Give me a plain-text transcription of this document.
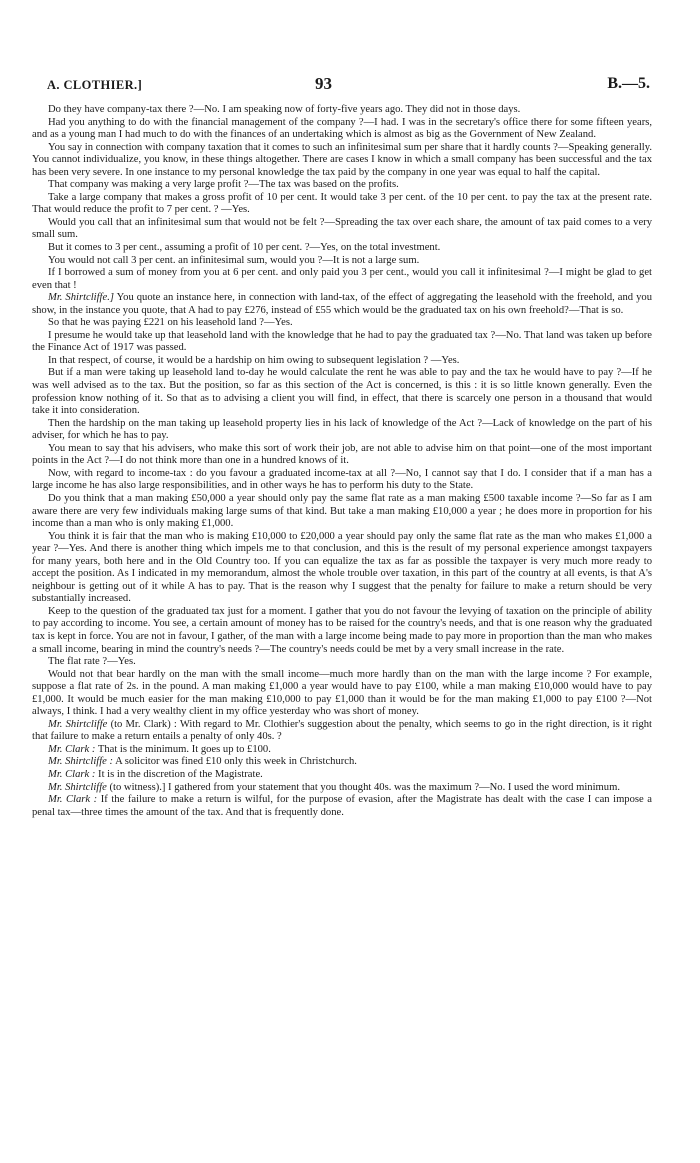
A. CLOTHIER.]	93	B.—5.

Do they have company-tax there ?—No. I am speaking now of forty-five years ago. They did not in those days.

Had you anything to do with the financial management of the company ?—I had. I was in the secretary's office there for some fifteen years, and as a young man I had much to do with the finances of an undertaking which is almost as big as the Government of New Zealand.

You say in connection with company taxation that it comes to such an infinitesimal sum per share that it hardly counts ?—Speaking generally. You cannot individualize, you know, in these things altogether. There are cases I know in which a small company has been successful and the tax has been very severe. In one instance to my personal knowledge the tax paid by the company in one year was equal to half the capital.

That company was making a very large profit ?—The tax was based on the profits.

Take a large company that makes a gross profit of 10 per cent. It would take 3 per cent. of the 10 per cent. to pay the tax at the present rate. That would reduce the profit to 7 per cent. ? —Yes.

Would you call that an infinitesimal sum that would not be felt ?—Spreading the tax over each share, the amount of tax paid comes to a very small sum.

But it comes to 3 per cent., assuming a profit of 10 per cent. ?—Yes, on the total investment.

You would not call 3 per cent. an infinitesimal sum, would you ?—It is not a large sum.

If I borrowed a sum of money from you at 6 per cent. and only paid you 3 per cent., would you call it infinitesimal ?—I might be glad to get even that !

Mr. Shirtcliffe.] You quote an instance here, in connection with land-tax, of the effect of aggregating the leasehold with the freehold, and you show, in the instance you quote, that A had to pay £276, instead of £55 which would be the graduated tax on his own freehold?—That is so.

So that he was paying £221 on his leasehold land ?—Yes.

I presume he would take up that leasehold land with the knowledge that he had to pay the graduated tax ?—No. That land was taken up before the Finance Act of 1917 was passed.

In that respect, of course, it would be a hardship on him owing to subsequent legislation ? —Yes.

But if a man were taking up leasehold land to-day he would calculate the rent he was able to pay and the tax he would have to pay ?—If he was well advised as to the tax. But the position, so far as this section of the Act is concerned, is this : it is so little known generally. Even the profession know nothing of it. So that as to advising a client you will find, in effect, that there is scarcely one person in a thousand that would take it into consideration.

Then the hardship on the man taking up leasehold property lies in his lack of knowledge of the Act ?—Lack of knowledge on the part of his adviser, for which he has to pay.

You mean to say that his advisers, who make this sort of work their job, are not able to advise him on that point—one of the most important points in the Act ?—I do not think more than one in a hundred knows of it.

Now, with regard to income-tax : do you favour a graduated income-tax at all ?—No, I cannot say that I do. I consider that if a man has a large income he has also large responsibilities, and in other ways he has to perform his duty to the State.

Do you think that a man making £50,000 a year should only pay the same flat rate as a man making £500 taxable income ?—So far as I am aware there are very few individuals making large sums of that kind. But take a man making £10,000 a year ; he does more in proportion for his income than a man who is only making £1,000.

You think it is fair that the man who is making £10,000 to £20,000 a year should pay only the same flat rate as the man who makes £1,000 a year ?—Yes. And there is another thing which impels me to that conclusion, and this is the result of my personal experience amongst taxpayers for many years, both here and in the Old Country too. If you can equalize the tax as far as possible the taxpayer is very much more ready to accept the position. As I indicated in my memorandum, almost the whole trouble over taxation, in this part of the country at all events, is that A's neighbour is getting out of it while A has to pay. That is the reason why I suggest that the penalty for failure to make a return should be very substantially increased.

Keep to the question of the graduated tax just for a moment. I gather that you do not favour the levying of taxation on the principle of ability to pay according to income. You see, a certain amount of money has to be raised for the country's needs, and that is one reason why the graduated tax is kept in force. You are not in favour, I gather, of the man with a large income being made to pay more in proportion than the man who makes a small income, bearing in mind the country's needs ?—The country's needs could be met by a very small increase in the rate.

The flat rate ?—Yes.

Would not that bear hardly on the man with the small income—much more hardly than on the man with the large income ? For example, suppose a flat rate of 2s. in the pound. A man making £1,000 a year would have to pay £100, while a man making £10,000 would have to pay £1,000. It would be much easier for the man making £10,000 to pay £1,000 than it would be for the man making £1,000 to pay £100 ?—Not always, I think. I had a very wealthy client in my office yesterday who was short of money.

Mr. Shirtcliffe (to Mr. Clark) : With regard to Mr. Clothier's suggestion about the penalty, which seems to go in the right direction, is it right that failure to make a return entails a penalty of only 40s. ?

Mr. Clark : That is the minimum. It goes up to £100.

Mr. Shirtcliffe : A solicitor was fined £10 only this week in Christchurch.

Mr. Clark : It is in the discretion of the Magistrate.

Mr. Shirtcliffe (to witness).] I gathered from your statement that you thought 40s. was the maximum ?—No. I used the word minimum.

Mr. Clark : If the failure to make a return is wilful, for the purpose of evasion, after the Magistrate has dealt with the case I can impose a penal tax—three times the amount of the tax. And that is frequently done.
